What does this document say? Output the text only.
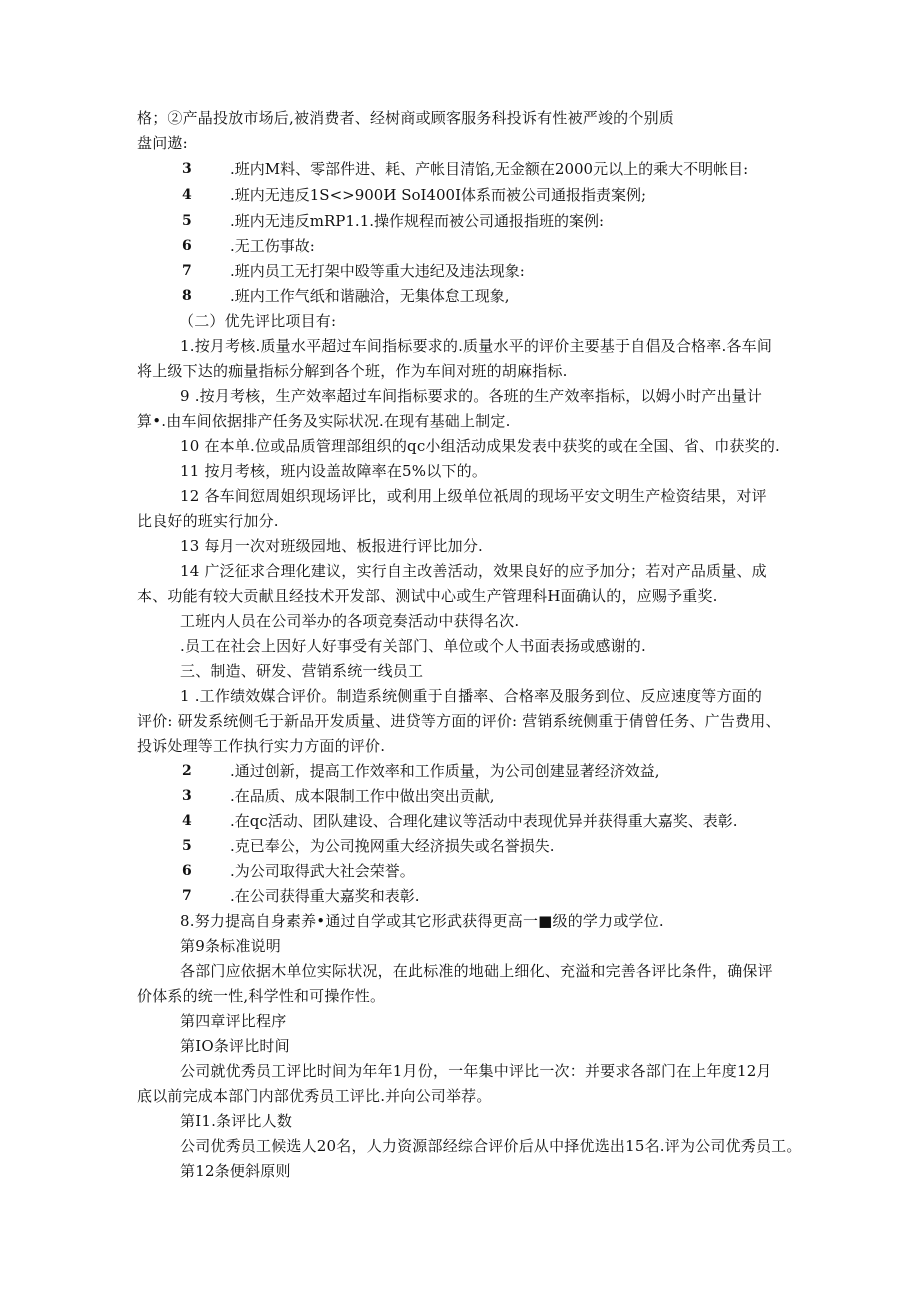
格；②产晶投放市场后,被消费者、经树商或顾客服务科投诉有性被严竣的个别质
盘问遨:
3	.班内M料、零部件进、耗、产帐目清馅,无金额在2000元以上的乘大不明帐目:
4	.班内无违反1S<>900И SoI400I体系而被公司通报指责案例;
5	.班内无违反mRP1.1.操作规程而被公司通报指班的案例:
6	.无工伤事故:
7	.班内员工无打架中殴等重大违纪及违法现象:
8	.班内工作气纸和谐融洽，无集体怠工现象,
（二）优先评比项目有:
1.按月考核.质量水平超过车间指标要求的.质量水平的评价主要基于自倡及合格率.各车间
将上级下达的痂量指标分解到各个班，作为车间对班的胡麻指标.
9 .按月考核，生产效率超过车间指标要求的。各班的生产效率指标，以姆小时产出量计
算•.由车间依据排产任务及实际状况.在现有基础上制定.
10 在本单.位或品质管理部组织的qc小组活动成果发表中获奖的或在全国、省、巾获奖的.
11 按月考核，班内设盖故障率在5%以下的。
12 各车间愆周姐织现场评比，或利用上级单位祇周的现场平安文明生产检资结果，对评
比良好的班实行加分.
13 每月一次对班级园地、板报进行评比加分.
14 广泛征求合理化建议，实行自主改善活动，效果良好的应予加分；若对产品质量、成
本、功能有较大贡献且经技术开发部、测试中心或生产管理科H面确认的，应赐予重奖.
工班内人员在公司举办的各项竞奏活动中获得名次.
.员工在社会上因好人好事受有关部门、单位或个人书面表扬或感谢的.
三、制造、研发、营销系统一线员工
1 .工作绩效媒合评价。制造系统侧重于自播率、合格率及服务到位、反应速度等方面的
评价: 研发系统侧乇于新品开发质量、进贷等方面的评价: 营销系统侧重于倩曾任务、广告费用、
投诉处理等工作执行实力方面的评价.
2	.通过创新，提高工作效率和工作质量，为公司创建显著经济效益,
3	.在品质、成本限制工作中做出突出贡献,
4	.在qc活动、团队建设、合理化建议等活动中表现优异并获得重大嘉奖、表彰.
5	.克已奉公，为公司挽网重大经济损失或名誉损失.
6	.为公司取得武大社会荣誉。
7	.在公司获得重大嘉奖和表彰.
8.努力提高自身素养•通过自学或其它形武获得更高一■级的学力或学位.
第9条标准说明
各部门应依据木单位实际状况，在此标准的地础上细化、充溢和完善各评比条件，确保评
价体系的统一性,科学性和可操作性。
第四章评比程序
第IO条评比时间
公司就优秀员工评比时间为年年1月份，一年集中评比一次：并要求各部门在上年度12月
底以前完成本部门内部优秀员工评比.并向公司举荐。
第I1.条评比人数
公司优秀员工候选人20名，人力资源部经综合评价后从中择优选出15名.评为公司优秀员工。
第12条便斜原则
